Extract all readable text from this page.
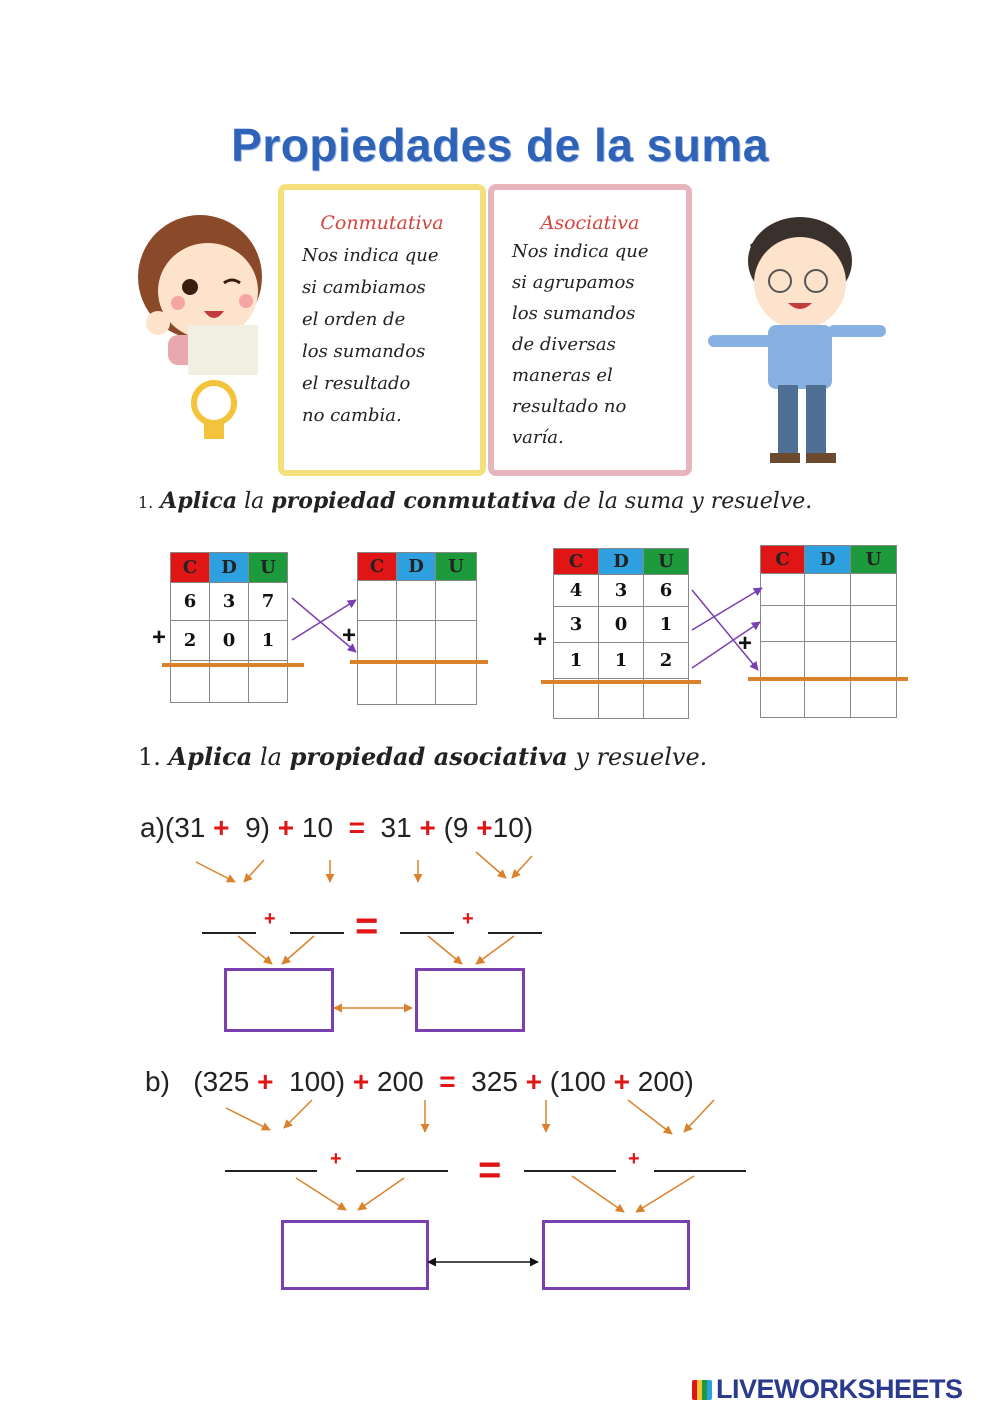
Propiedades de la suma
Conmutativa
Nos indica que
si cambiamos
el orden de
los sumandos
el resultado
no cambia.
Asociativa
Nos indica que
si agrupamos
los sumandos
de diversas
maneras el
resultado no
varía.
1. Aplica la propiedad conmutativa de la suma y resuelve.
C	D	U
6	3	7
2	0	1

+
C	D	U

+
C	D	U
4	3	6
3	0	1
1	1	2

+
C	D	U

+
1. Aplica la propiedad asociativa y resuelve.
a)(31 +  9) + 10  =  31 + (9 +10)
+ =	+
b) (325 +  100) + 200  =  325 + (100 + 200)
+	=	+
LIVEWORKSHEETS
